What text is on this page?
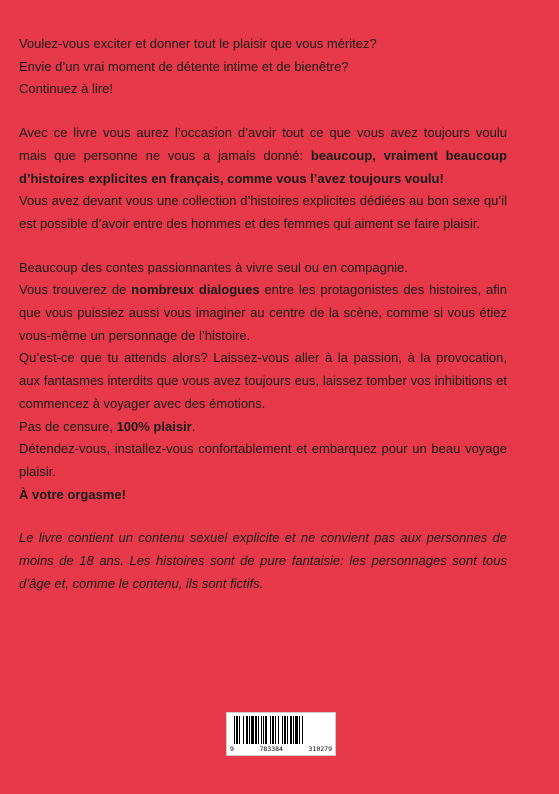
Voulez-vous exciter et donner tout le plaisir que vous méritez?

Envie d’un vrai moment de détente intime et de bienêtre?

Continuez à lire!

Avec ce livre vous aurez l’occasion d’avoir tout ce que vous avez toujours voulu mais que personne ne vous a jamais donné: beaucoup, vraiment beaucoup d’histoires explicites en français, comme vous l’avez toujours voulu!

Vous avez devant vous une collection d’histoires explicites dédiées au bon sexe qu’il est possible d’avoir entre des hommes et des femmes qui aiment se faire plaisir.

Beaucoup des contes passionnantes à vivre seul ou en compagnie.

Vous trouverez de nombreux dialogues entre les protagonistes des histoires, afin que vous puissiez aussi vous imaginer au centre de la scène, comme si vous étiez vous-même un personnage de l’histoire.

Qu’est-ce que tu attends alors? Laissez-vous aller à la passion, à la provocation, aux fantasmes interdits que vous avez toujours eus, laissez tomber vos inhibitions et commencez à voyager avec des émotions.

Pas de censure, 100% plaisir.

Détendez-vous, installez-vous confortablement et embarquez pour un beau voyage plaisir.

À votre orgasme!

Le livre contient un contenu sexuel explicite et ne convient pas aux personnes de moins de 18 ans. Les histoires sont de pure fantaisie: les personnages sont tous d’âge et, comme le contenu, ils sont fictifs.

9	783384	310279
